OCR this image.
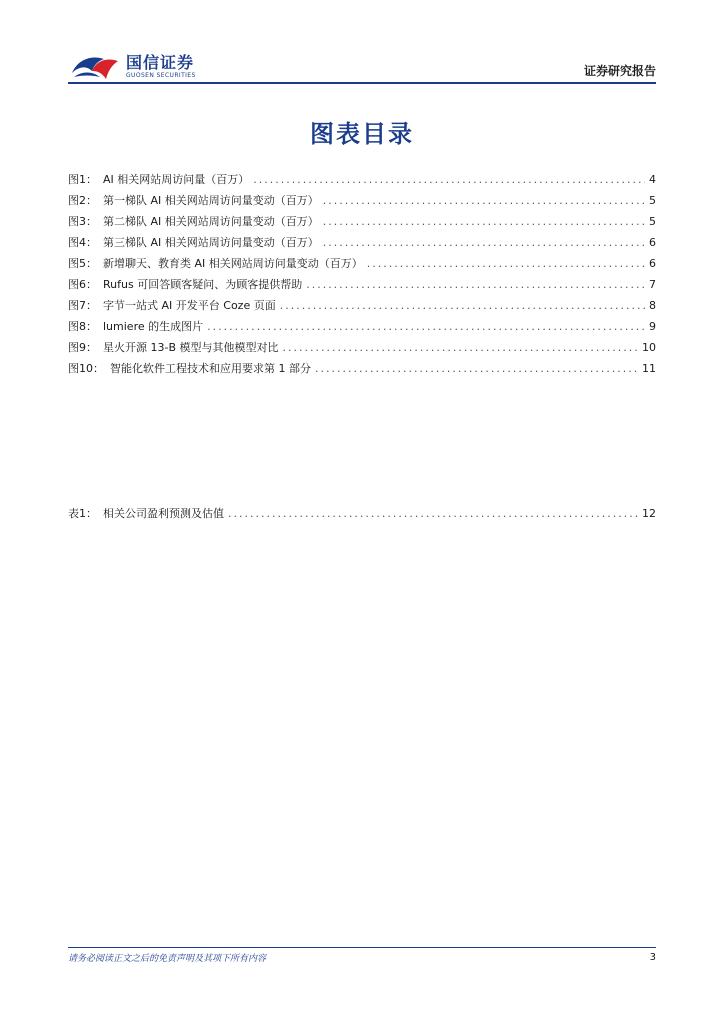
国信证券
GUOSEN SECURITIES	证券研究报告
图表目录
图1： AI 相关网站周访问量（百万） .....	4
图2： 第一梯队 AI 相关网站周访问量变动（百万） .....	5
图3： 第二梯队 AI 相关网站周访问量变动（百万） .....	5
图4： 第三梯队 AI 相关网站周访问量变动（百万） .....	6
图5： 新增聊天、教育类 AI 相关网站周访问量变动（百万） .....	6
图6： Rufus 可回答顾客疑问、为顾客提供帮助 .....	7
图7： 字节一站式 AI 开发平台 Coze 页面 .....	8
图8： lumiere 的生成图片 .....	9
图9： 星火开源 13-B 模型与其他模型对比 .....	10
图10： 智能化软件工程技术和应用要求第 1 部分 .....	11
表1： 相关公司盈利预测及估值 .....	12
请务必阅读正文之后的免责声明及其项下所有内容	3
